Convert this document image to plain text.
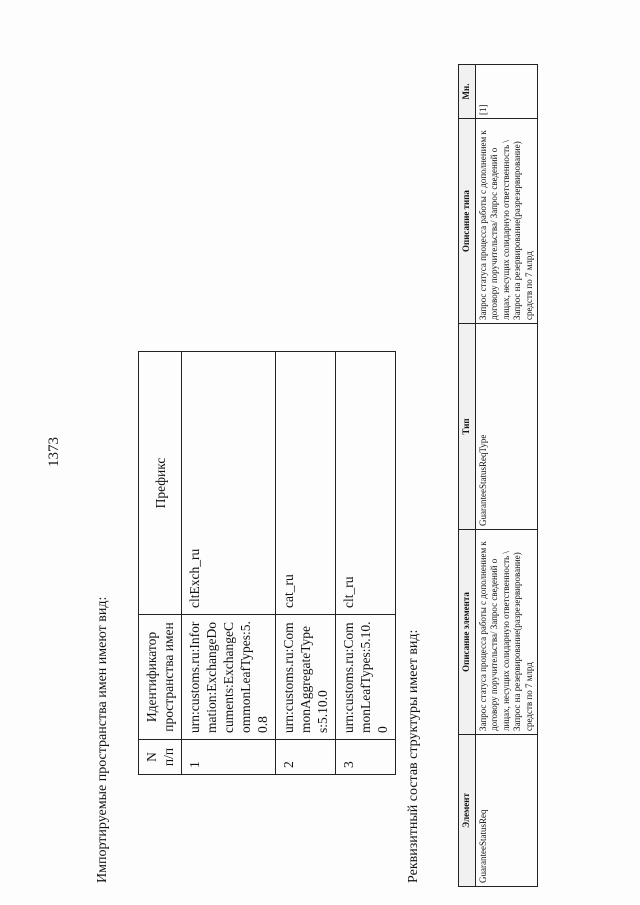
1373
Импортируемые пространства имен имеют вид:	N п/п	Идентификатор пространства имен	Префикс
1	urn:customs.ru:Information:ExchangeDocuments:ExchangeCommonLeafTypes:5.0.8	cltExch_ru
2	urn:customs.ru:CommonAggregateTypes:5.10.0	cat_ru
3	urn:customs.ru:CommonLeafTypes:5.10.0	clt_ru
Реквизитный состав структуры имеет вид:	Элемент	Описание элемента	Тип	Описание типа	Мн.
GuaranteeStatusReq	Запрос статуса процесса работы с дополнением к договору поручительства/ Запрос сведений о лицах, несущих солидарную ответственность \ Запрос на резервирование(разрезервирование) средств по 7 млрд	GuaranteeStatusReqType	Запрос статуса процесса работы с дополнением к договору поручительства/ Запрос сведений о лицах, несущих солидарную ответственность \ Запрос на резервирование(разрезервирование) средств по 7 млрд	[1]
